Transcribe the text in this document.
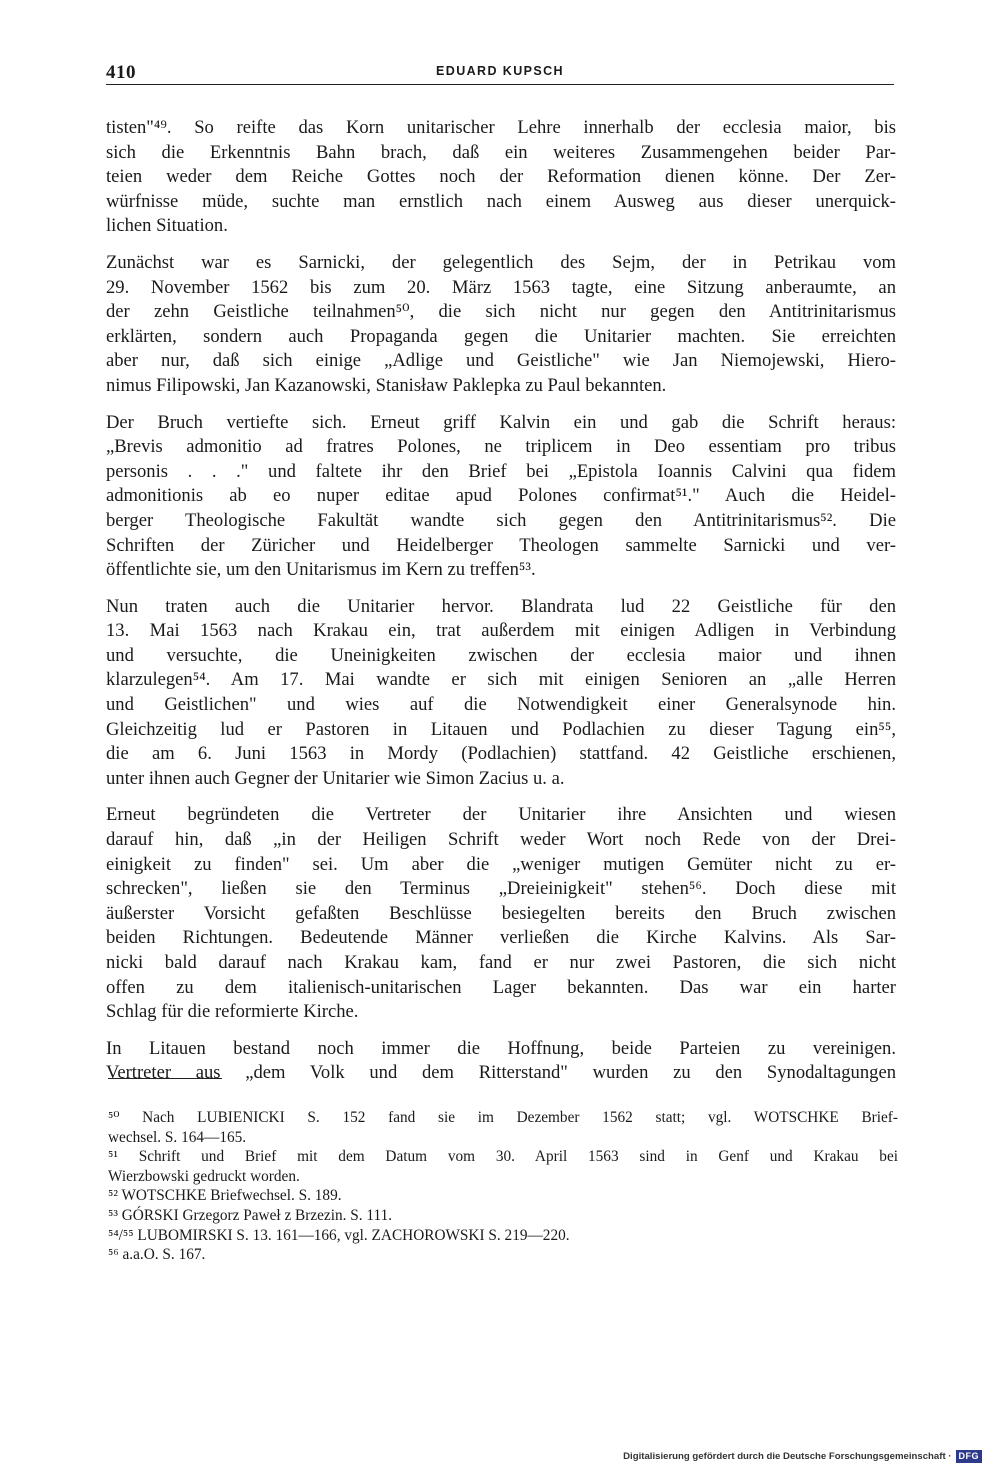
410	EDUARD KUPSCH

tisten"⁴⁹. So reifte das Korn unitarischer Lehre innerhalb der ecclesia maior, bis
sich die Erkenntnis Bahn brach, daß ein weiteres Zusammengehen beider Par-
teien weder dem Reiche Gottes noch der Reformation dienen könne. Der Zer-
würfnisse müde, suchte man ernstlich nach einem Ausweg aus dieser unerquick-
lichen Situation.

Zunächst war es Sarnicki, der gelegentlich des Sejm, der in Petrikau vom
29. November 1562 bis zum 20. März 1563 tagte, eine Sitzung anberaumte, an
der zehn Geistliche teilnahmen⁵⁰, die sich nicht nur gegen den Antitrinitarismus
erklärten, sondern auch Propaganda gegen die Unitarier machten. Sie erreichten
aber nur, daß sich einige „Adlige und Geistliche" wie Jan Niemojewski, Hiero-
nimus Filipowski, Jan Kazanowski, Stanisław Paklepka zu Paul bekannten.

Der Bruch vertiefte sich. Erneut griff Kalvin ein und gab die Schrift heraus:
„Brevis admonitio ad fratres Polones, ne triplicem in Deo essentiam pro tribus
personis . . ." und faltete ihr den Brief bei „Epistola Ioannis Calvini qua fidem
admonitionis ab eo nuper editae apud Polones confirmat⁵¹." Auch die Heidel-
berger Theologische Fakultät wandte sich gegen den Antitrinitarismus⁵². Die
Schriften der Züricher und Heidelberger Theologen sammelte Sarnicki und ver-
öffentlichte sie, um den Unitarismus im Kern zu treffen⁵³.

Nun traten auch die Unitarier hervor. Blandrata lud 22 Geistliche für den
13. Mai 1563 nach Krakau ein, trat außerdem mit einigen Adligen in Verbindung
und versuchte, die Uneinigkeiten zwischen der ecclesia maior und ihnen
klarzulegen⁵⁴. Am 17. Mai wandte er sich mit einigen Senioren an „alle Herren
und Geistlichen" und wies auf die Notwendigkeit einer Generalsynode hin.
Gleichzeitig lud er Pastoren in Litauen und Podlachien zu dieser Tagung ein⁵⁵,
die am 6. Juni 1563 in Mordy (Podlachien) stattfand. 42 Geistliche erschienen,
unter ihnen auch Gegner der Unitarier wie Simon Zacius u. a.

Erneut begründeten die Vertreter der Unitarier ihre Ansichten und wiesen
darauf hin, daß „in der Heiligen Schrift weder Wort noch Rede von der Drei-
einigkeit zu finden" sei. Um aber die „weniger mutigen Gemüter nicht zu er-
schrecken", ließen sie den Terminus „Dreieinigkeit" stehen⁵⁶. Doch diese mit
äußerster Vorsicht gefaßten Beschlüsse besiegelten bereits den Bruch zwischen
beiden Richtungen. Bedeutende Männer verließen die Kirche Kalvins. Als Sar-
nicki bald darauf nach Krakau kam, fand er nur zwei Pastoren, die sich nicht
offen zu dem italienisch-unitarischen Lager bekannten. Das war ein harter
Schlag für die reformierte Kirche.

In Litauen bestand noch immer die Hoffnung, beide Parteien zu vereinigen.
Vertreter aus „dem Volk und dem Ritterstand" wurden zu den Synodaltagungen

⁵⁰ Nach LUBIENICKI S. 152 fand sie im Dezember 1562 statt; vgl. WOTSCHKE Brief-
wechsel. S. 164—165.
⁵¹ Schrift und Brief mit dem Datum vom 30. April 1563 sind in Genf und Krakau bei
Wierzbowski gedruckt worden.
⁵² WOTSCHKE Briefwechsel. S. 189.
⁵³ GÓRSKI Grzegorz Paweł z Brzezin. S. 111.
⁵⁴/⁵⁵ LUBOMIRSKI S. 13. 161—166, vgl. ZACHOROWSKI S. 219—220.
⁵⁶ a.a.O. S. 167.
Digitalisierung gefördert durch die Deutsche Forschungsgemeinschaft · DFG
